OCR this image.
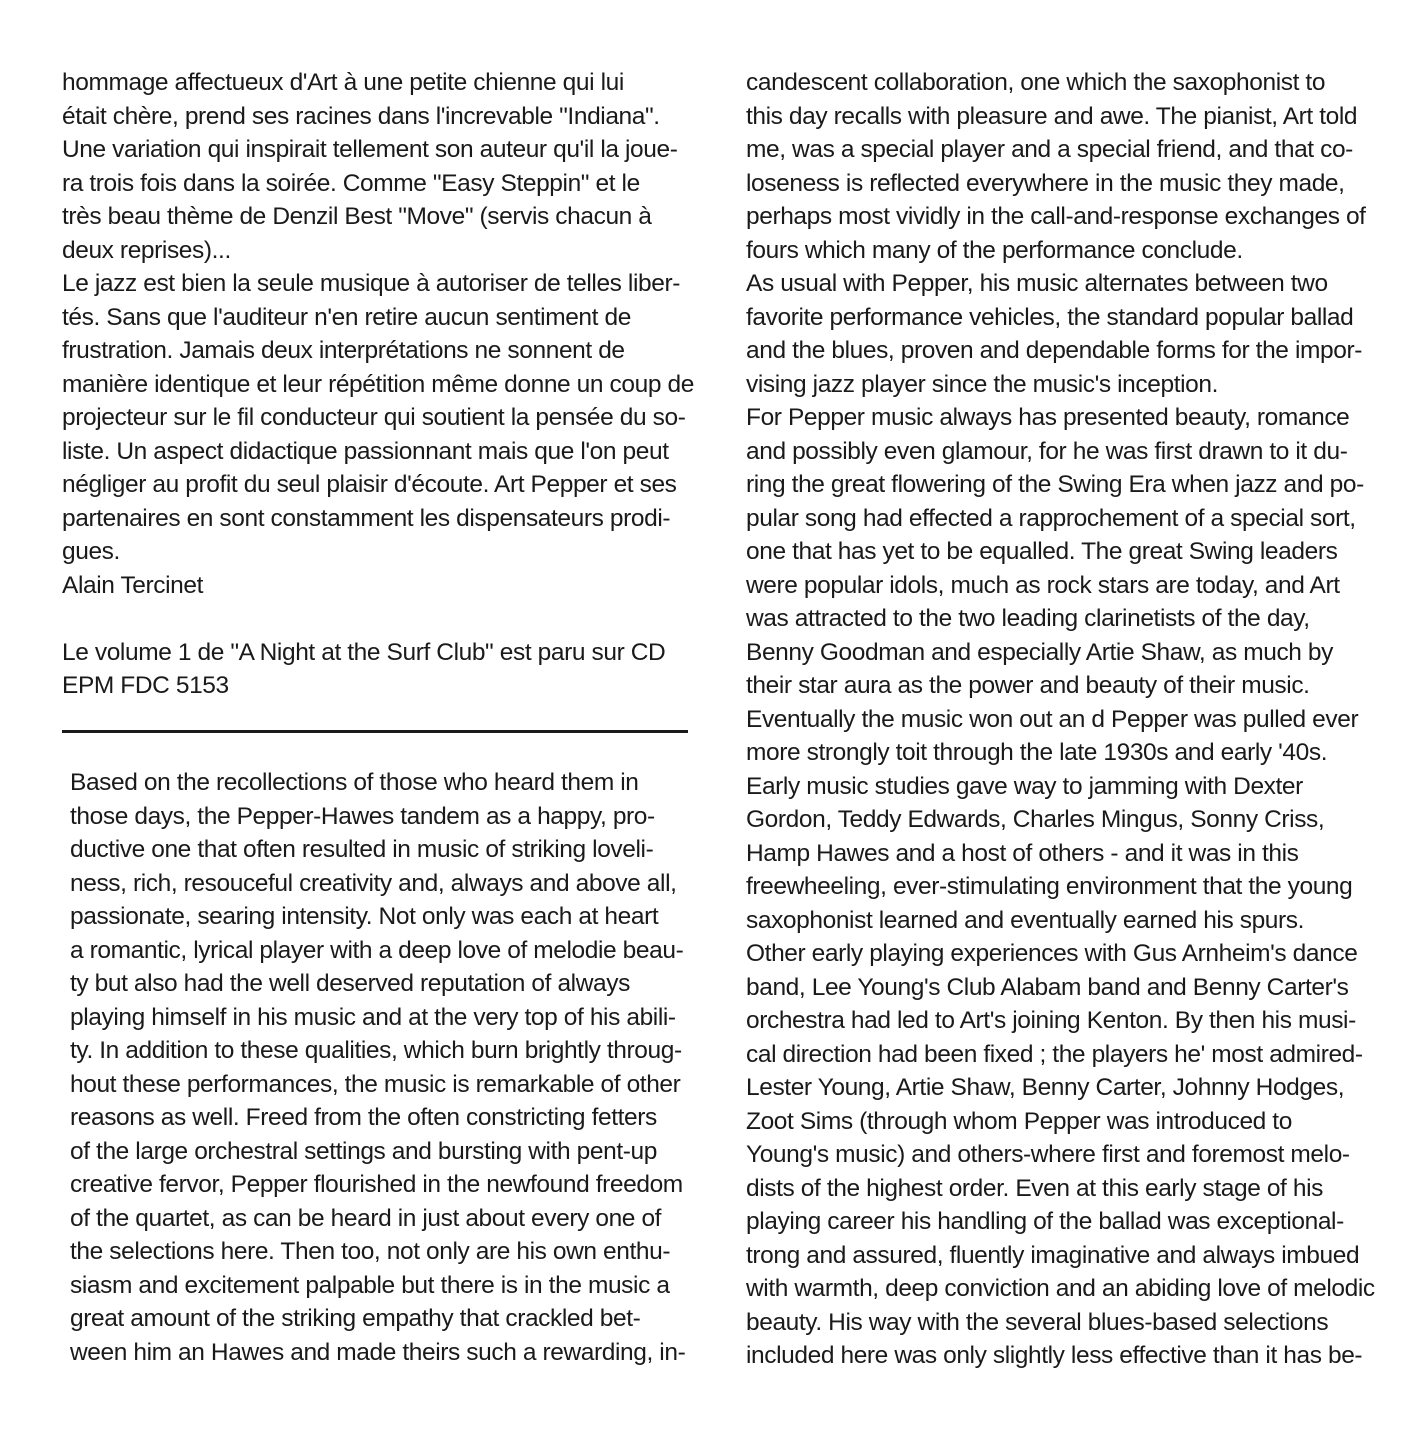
hommage affectueux d'Art à une petite chienne qui lui
était chère, prend ses racines dans l'increvable "Indiana".
Une variation qui inspirait tellement son auteur qu'il la joue-
ra trois fois dans la soirée. Comme "Easy Steppin" et le
très beau thème de Denzil Best "Move" (servis chacun à
deux reprises)...
Le jazz est bien la seule musique à autoriser de telles liber-
tés. Sans que l'auditeur n'en retire aucun sentiment de
frustration. Jamais deux interprétations ne sonnent de
manière identique et leur répétition même donne un coup de
projecteur sur le fil conducteur qui soutient la pensée du so-
liste. Un aspect didactique passionnant mais que l'on peut
négliger au profit du seul plaisir d'écoute. Art Pepper et ses
partenaires en sont constamment les dispensateurs prodi-
gues.
Alain Tercinet
Le volume 1 de "A Night at the Surf Club" est paru sur CD
EPM FDC 5153
Based on the recollections of those who heard them in
those days, the Pepper-Hawes tandem as a happy, pro-
ductive one that often resulted in music of striking loveli-
ness, rich, resouceful creativity and, always and above all,
passionate, searing intensity. Not only was each at heart
a romantic, lyrical player with a deep love of melodie beau-
ty but also had the well deserved reputation of always
playing himself in his music and at the very top of his abili-
ty. In addition to these qualities, which burn brightly throug-
hout these performances, the music is remarkable of other
reasons as well. Freed from the often constricting fetters
of the large orchestral settings and bursting with pent-up
creative fervor, Pepper flourished in the newfound freedom
of the quartet, as can be heard in just about every one of
the selections here. Then too, not only are his own enthu-
siasm and excitement palpable but there is in the music a
great amount of the striking empathy that crackled bet-
ween him an Hawes and made theirs such a rewarding, in-
candescent collaboration, one which the saxophonist to
this day recalls with pleasure and awe. The pianist, Art told
me, was a special player and a special friend, and that co-
loseness is reflected everywhere in the music they made,
perhaps most vividly in the call-and-response exchanges of
fours which many of the performance conclude.
As usual with Pepper, his music alternates between two
favorite performance vehicles, the standard popular ballad
and the blues, proven and dependable forms for the impor-
vising jazz player since the music's inception.
For Pepper music always has presented beauty, romance
and possibly even glamour, for he was first drawn to it du-
ring the great flowering of the Swing Era when jazz and po-
pular song had effected a rapprochement of a special sort,
one that has yet to be equalled. The great Swing leaders
were popular idols, much as rock stars are today, and Art
was attracted to the two leading clarinetists of the day,
Benny Goodman and especially Artie Shaw, as much by
their star aura as the power and beauty of their music.
Eventually the music won out an d Pepper was pulled ever
more strongly toit through the late 1930s and early '40s.
Early music studies gave way to jamming with Dexter
Gordon, Teddy Edwards, Charles Mingus, Sonny Criss,
Hamp Hawes and a host of others - and it was in this
freewheeling, ever-stimulating environment that the young
saxophonist learned and eventually earned his spurs.
Other early playing experiences with Gus Arnheim's dance
band, Lee Young's Club Alabam band and Benny Carter's
orchestra had led to Art's joining Kenton. By then his musi-
cal direction had been fixed ; the players he' most admired-
Lester Young, Artie Shaw, Benny Carter, Johnny Hodges,
Zoot Sims (through whom Pepper was introduced to
Young's music) and others-where first and foremost melo-
dists of the highest order. Even at this early stage of his
playing career his handling of the ballad was exceptional-
trong and assured, fluently imaginative and always imbued
with warmth, deep conviction and an abiding love of melodic
beauty. His way with the several blues-based selections
included here was only slightly less effective than it has be-
